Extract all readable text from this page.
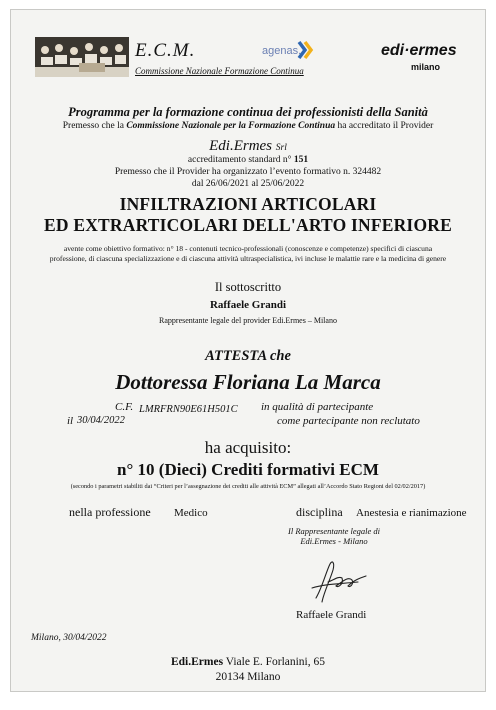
E.C.M.
Commissione Nazionale Formazione Continua
agenas.	edi·ermes
milano
Programma per la formazione continua dei professionisti della Sanità
Premesso che la Commissione Nazionale per la Formazione Continua ha accreditato il Provider
Edi.Ermes Srl
accreditamento standard n° 151
Premesso che il Provider ha organizzato l’evento formativo n. 324482
dal 26/06/2021 al 25/06/2022
INFILTRAZIONI ARTICOLARI
ED EXTRARTICOLARI DELL'ARTO INFERIORE
avente come obiettivo formativo: n° 18 - contenuti tecnico-professionali (conoscenze e competenze) specifici di ciascuna
professione, di ciascuna specializzazione e di ciascuna attività ultraspecialistica, ivi incluse le malattie rare e la medicina di genere
Il sottoscritto
Raffaele Grandi
Rappresentante legale del provider Edi.Ermes – Milano
ATTESTA che
Dottoressa Floriana La Marca
C.F. LMRFRN90E61H501C in qualità di partecipante
il 30/04/2022	come partecipante non reclutato
ha acquisito:
n° 10 (Dieci) Crediti formativi ECM
(secondo i parametri stabiliti dai “Criteri per l’assegnazione dei crediti alle attività ECM” allegati all’Accordo Stato Regioni del 02/02/2017)
nella professione Medico	disciplina Anestesia e rianimazione
Il Rappresentante legale di
Edi.Ermes - Milano
Raffaele Grandi
Milano, 30/04/2022
Edi.Ermes Viale E. Forlanini, 65
20134 Milano
